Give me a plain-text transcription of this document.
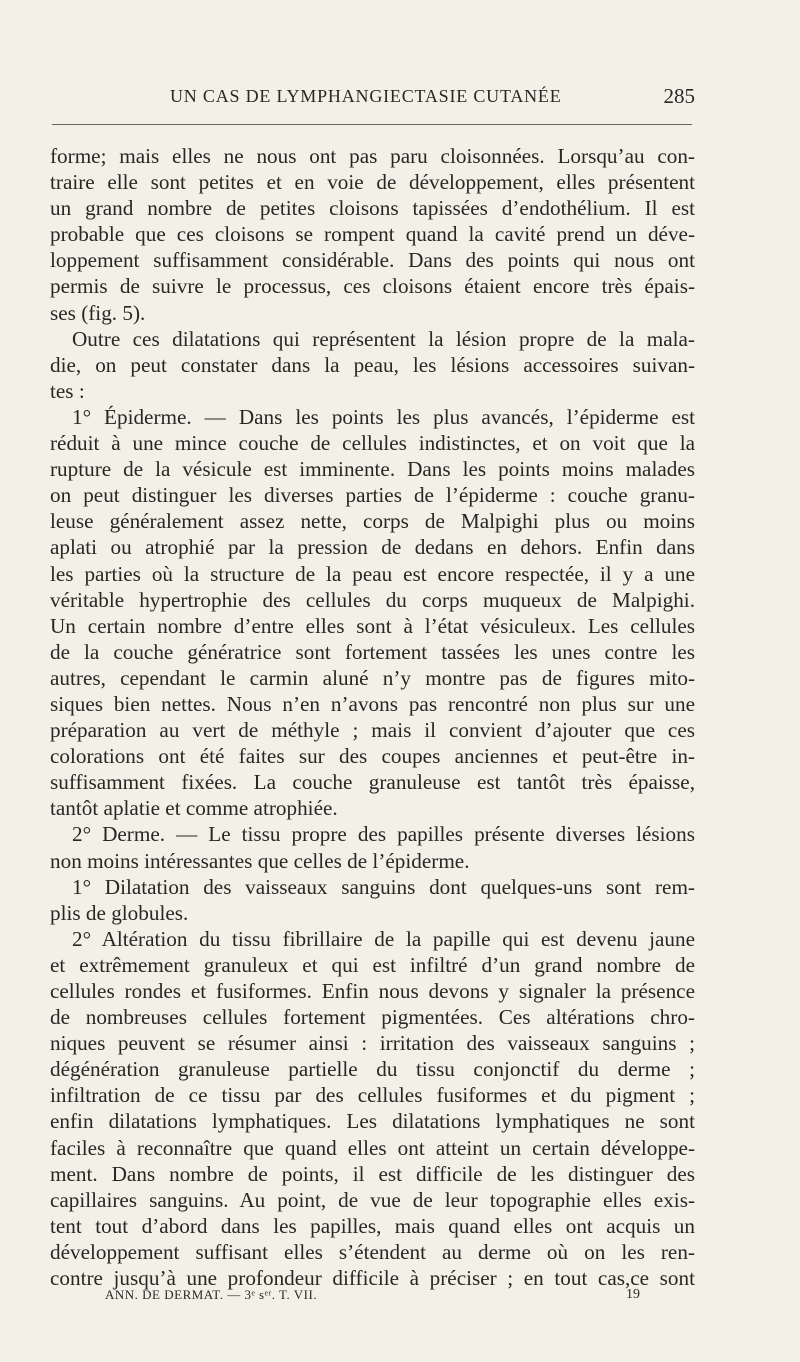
UN CAS DE LYMPHANGIECTASIE CUTANÉE	285
forme; mais elles ne nous ont pas paru cloisonnées. Lorsqu’au con-
traire elle sont petites et en voie de développement, elles présentent
un grand nombre de petites cloisons tapissées d’endothélium. Il est
probable que ces cloisons se rompent quand la cavité prend un déve-
loppement suffisamment considérable. Dans des points qui nous ont
permis de suivre le processus, ces cloisons étaient encore très épais-
ses (fig. 5).
Outre ces dilatations qui représentent la lésion propre de la mala-
die, on peut constater dans la peau, les lésions accessoires suivan-
tes :
1° Épiderme. — Dans les points les plus avancés, l’épiderme est
réduit à une mince couche de cellules indistinctes, et on voit que la
rupture de la vésicule est imminente. Dans les points moins malades
on peut distinguer les diverses parties de l’épiderme : couche granu-
leuse généralement assez nette, corps de Malpighi plus ou moins
aplati ou atrophié par la pression de dedans en dehors. Enfin dans
les parties où la structure de la peau est encore respectée, il y a une
véritable hypertrophie des cellules du corps muqueux de Malpighi.
Un certain nombre d’entre elles sont à l’état vésiculeux. Les cellules
de la couche génératrice sont fortement tassées les unes contre les
autres, cependant le carmin aluné n’y montre pas de figures mito-
siques bien nettes. Nous n’en n’avons pas rencontré non plus sur une
préparation au vert de méthyle ; mais il convient d’ajouter que ces
colorations ont été faites sur des coupes anciennes et peut-être in-
suffisamment fixées. La couche granuleuse est tantôt très épaisse,
tantôt aplatie et comme atrophiée.
2° Derme. — Le tissu propre des papilles présente diverses lésions
non moins intéressantes que celles de l’épiderme.
1° Dilatation des vaisseaux sanguins dont quelques-uns sont rem-
plis de globules.
2° Altération du tissu fibrillaire de la papille qui est devenu jaune
et extrêmement granuleux et qui est infiltré d’un grand nombre de
cellules rondes et fusiformes. Enfin nous devons y signaler la présence
de nombreuses cellules fortement pigmentées. Ces altérations chro-
niques peuvent se résumer ainsi : irritation des vaisseaux sanguins ;
dégénération granuleuse partielle du tissu conjonctif du derme ;
infiltration de ce tissu par des cellules fusiformes et du pigment ;
enfin dilatations lymphatiques. Les dilatations lymphatiques ne sont
faciles à reconnaître que quand elles ont atteint un certain développe-
ment. Dans nombre de points, il est difficile de les distinguer des
capillaires sanguins. Au point, de vue de leur topographie elles exis-
tent tout d’abord dans les papilles, mais quand elles ont acquis un
développement suffisant elles s’étendent au derme où on les ren-
contre jusqu’à une profondeur difficile à préciser ; en tout cas,ce sont
ANN. DE DERMAT. — 3ᵉ sᵉʳ. T. VII.	19
